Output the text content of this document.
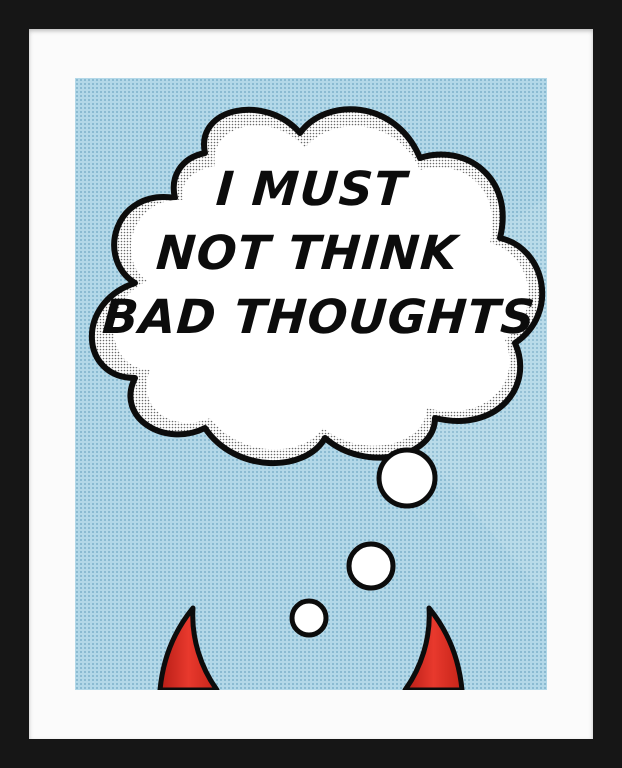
I MUST
NOT THINK
BAD THOUGHTS
